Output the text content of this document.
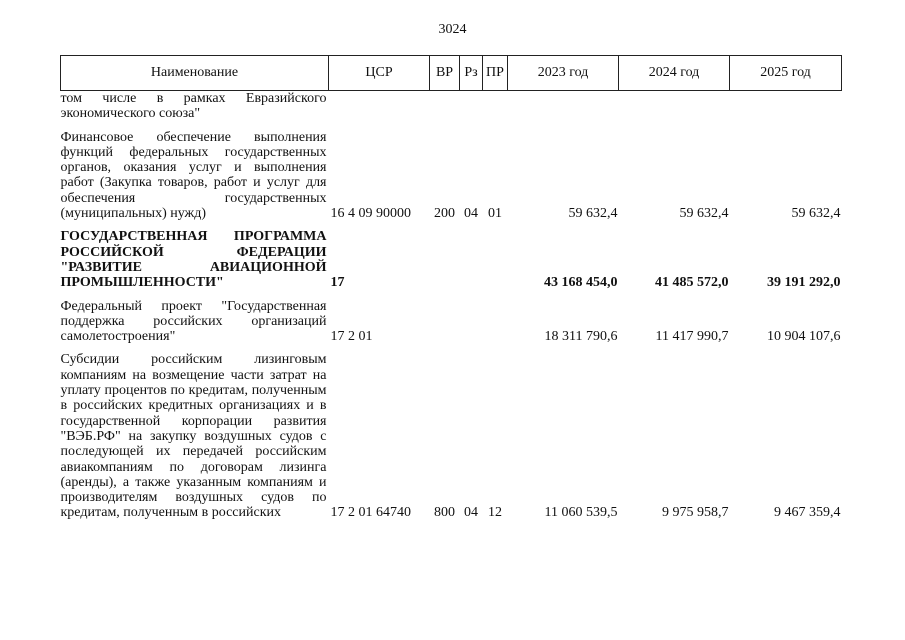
3024
Наименование	ЦСР	ВР	Рз	ПР	2023 год	2024 год	2025 год
том числе в рамках Евразийского экономического союза"							
Финансовое обеспечение выполнения функций федеральных государственных органов, оказания услуг и выполнения работ (Закупка товаров, работ и услуг для обеспечения государственных (муниципальных) нужд)	16 4 09 90000	200	04	01	59 632,4	59 632,4	59 632,4
ГОСУДАРСТВЕННАЯ ПРОГРАММА РОССИЙСКОЙ ФЕДЕРАЦИИ "РАЗВИТИЕ АВИАЦИОННОЙ ПРОМЫШЛЕННОСТИ"	17				43 168 454,0	41 485 572,0	39 191 292,0
Федеральный проект "Государственная поддержка российских организаций самолетостроения"	17 2 01				18 311 790,6	11 417 990,7	10 904 107,6
Субсидии российским лизинговым компаниям на возмещение части затрат на уплату процентов по кредитам, полученным в российских кредитных организациях и в государственной корпорации развития "ВЭБ.РФ" на закупку воздушных судов с последующей их передачей российским авиакомпаниям по договорам лизинга (аренды), а также указанным компаниям и производителям воздушных судов по кредитам, полученным в российских	17 2 01 64740	800	04	12	11 060 539,5	9 975 958,7	9 467 359,4
